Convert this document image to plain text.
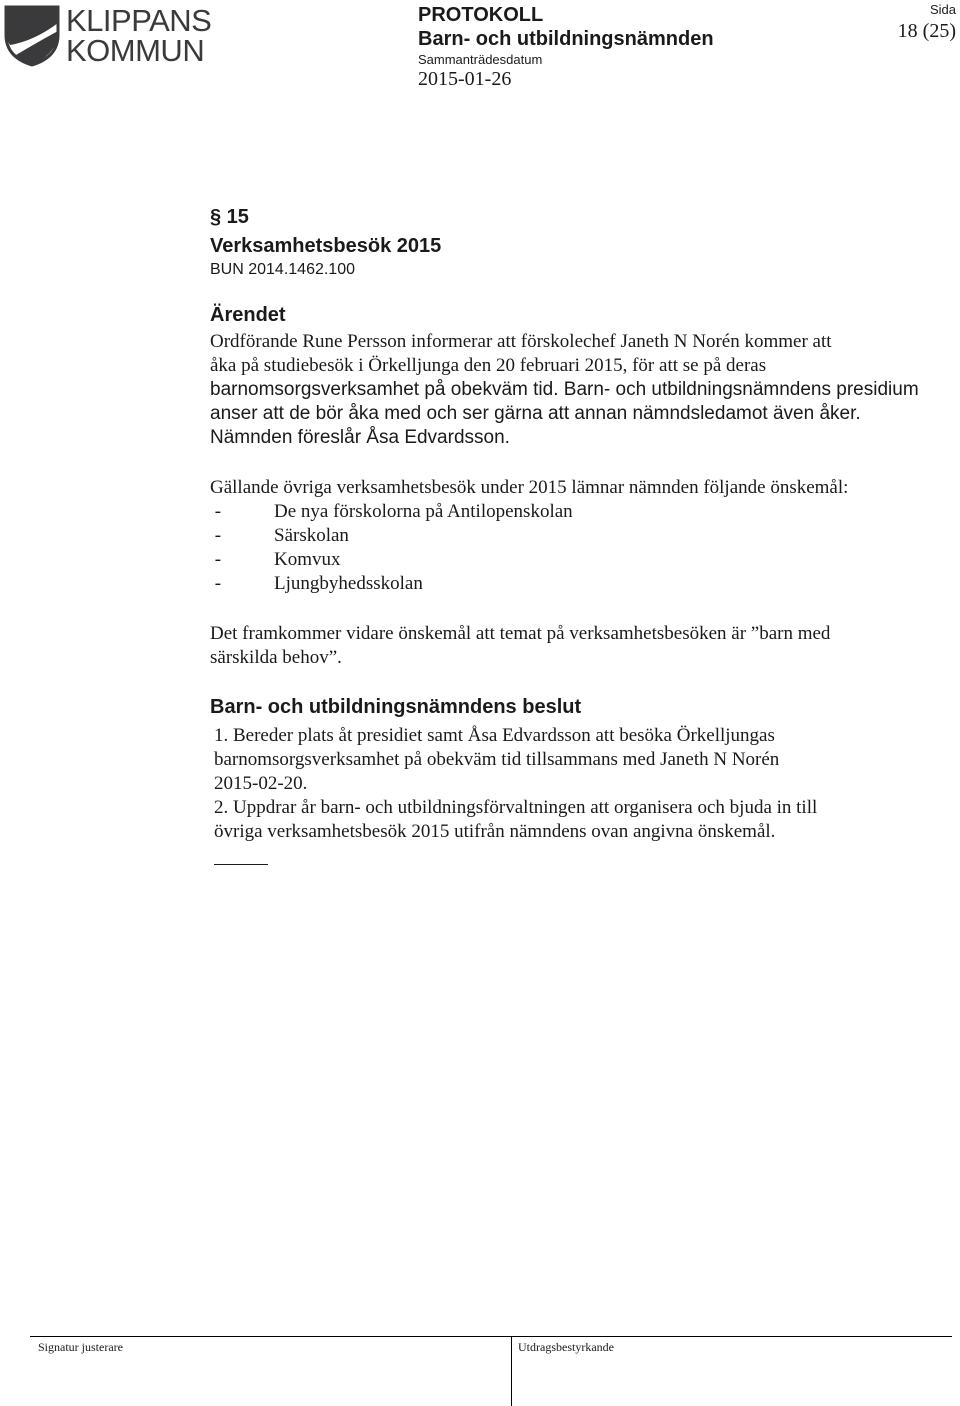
KLIPPANS
KOMMUN
PROTOKOLL
Barn- och utbildningsnämnden
Sammanträdesdatum
2015-01-26
Sida
18 (25)
§ 15
Verksamhetsbesök 2015
BUN 2014.1462.100
Ärendet

Ordförande Rune Persson informerar att förskolechef Janeth N Norén kommer att

åka på studiebesök i Örkelljunga den 20 februari 2015, för att se på deras

barnomsorgsverksamhet på obekväm tid. Barn- och utbildningsnämndens presidium

anser att de bör åka med och ser gärna att annan nämndsledamot även åker.

Nämnden föreslår Åsa Edvardsson.

Gällande övriga verksamhetsbesök under 2015 lämnar nämnden följande önskemål:

-	De nya förskolorna på Antilopenskolan
-	Särskolan
-	Komvux
-	Ljungbyhedsskolan

Det framkommer vidare önskemål att temat på verksamhetsbesöken är ”barn med

särskilda behov”.

Barn- och utbildningsnämndens beslut

1. Bereder plats åt presidiet samt Åsa Edvardsson att besöka Örkelljungas

barnomsorgsverksamhet på obekväm tid tillsammans med Janeth N Norén

2015-02-20.

2. Uppdrar år barn- och utbildningsförvaltningen att organisera och bjuda in till

övriga verksamhetsbesök 2015 utifrån nämndens ovan angivna önskemål.

Signatur justerare	Utdragsbestyrkande
